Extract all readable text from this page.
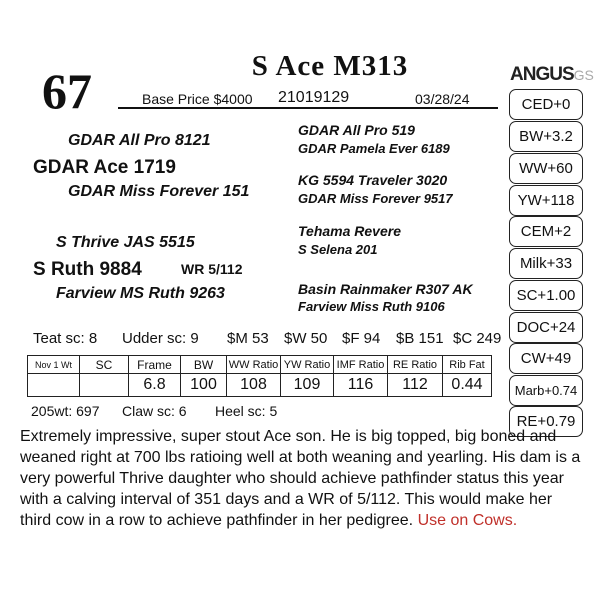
67	S Ace M313
Base Price $4000 21019129	03/28/24
ANGUSGS
CED+0
BW+3.2
WW+60
YW+118
CEM+2
Milk+33
SC+1.00
DOC+24
CW+49
Marb+0.74
RE+0.79
GDAR All Pro 8121
GDAR Ace 1719
GDAR Miss Forever 151
S Thrive JAS 5515
S Ruth 9884	WR 5/112
Farview MS Ruth 9263
GDAR All Pro 519
GDAR Pamela Ever 6189
KG 5594 Traveler 3020
GDAR Miss Forever 9517
Tehama Revere
S Selena 201
Basin Rainmaker R307 AK
Farview Miss Ruth 9106
Teat sc: 8 Udder sc: 9 $M 53 $W 50 $F 94 $B 151 $C 249
Nov 1 Wt	SC	Frame	BW	WW Ratio	YW Ratio	IMF Ratio	RE Ratio	Rib Fat
		6.8	100	108	109	116	112	0.44
205wt: 697 Claw sc: 6 Heel sc: 5
Extremely impressive, super stout Ace son. He is big topped, big boned and weaned right at 700 lbs ratioing well at both weaning and yearling. His dam is a very powerful Thrive daughter who should achieve pathfinder status this year with a calving interval of 351 days and a WR of 5/112. This would make her third cow in a row to achieve pathfinder in her pedigree. Use on Cows.
